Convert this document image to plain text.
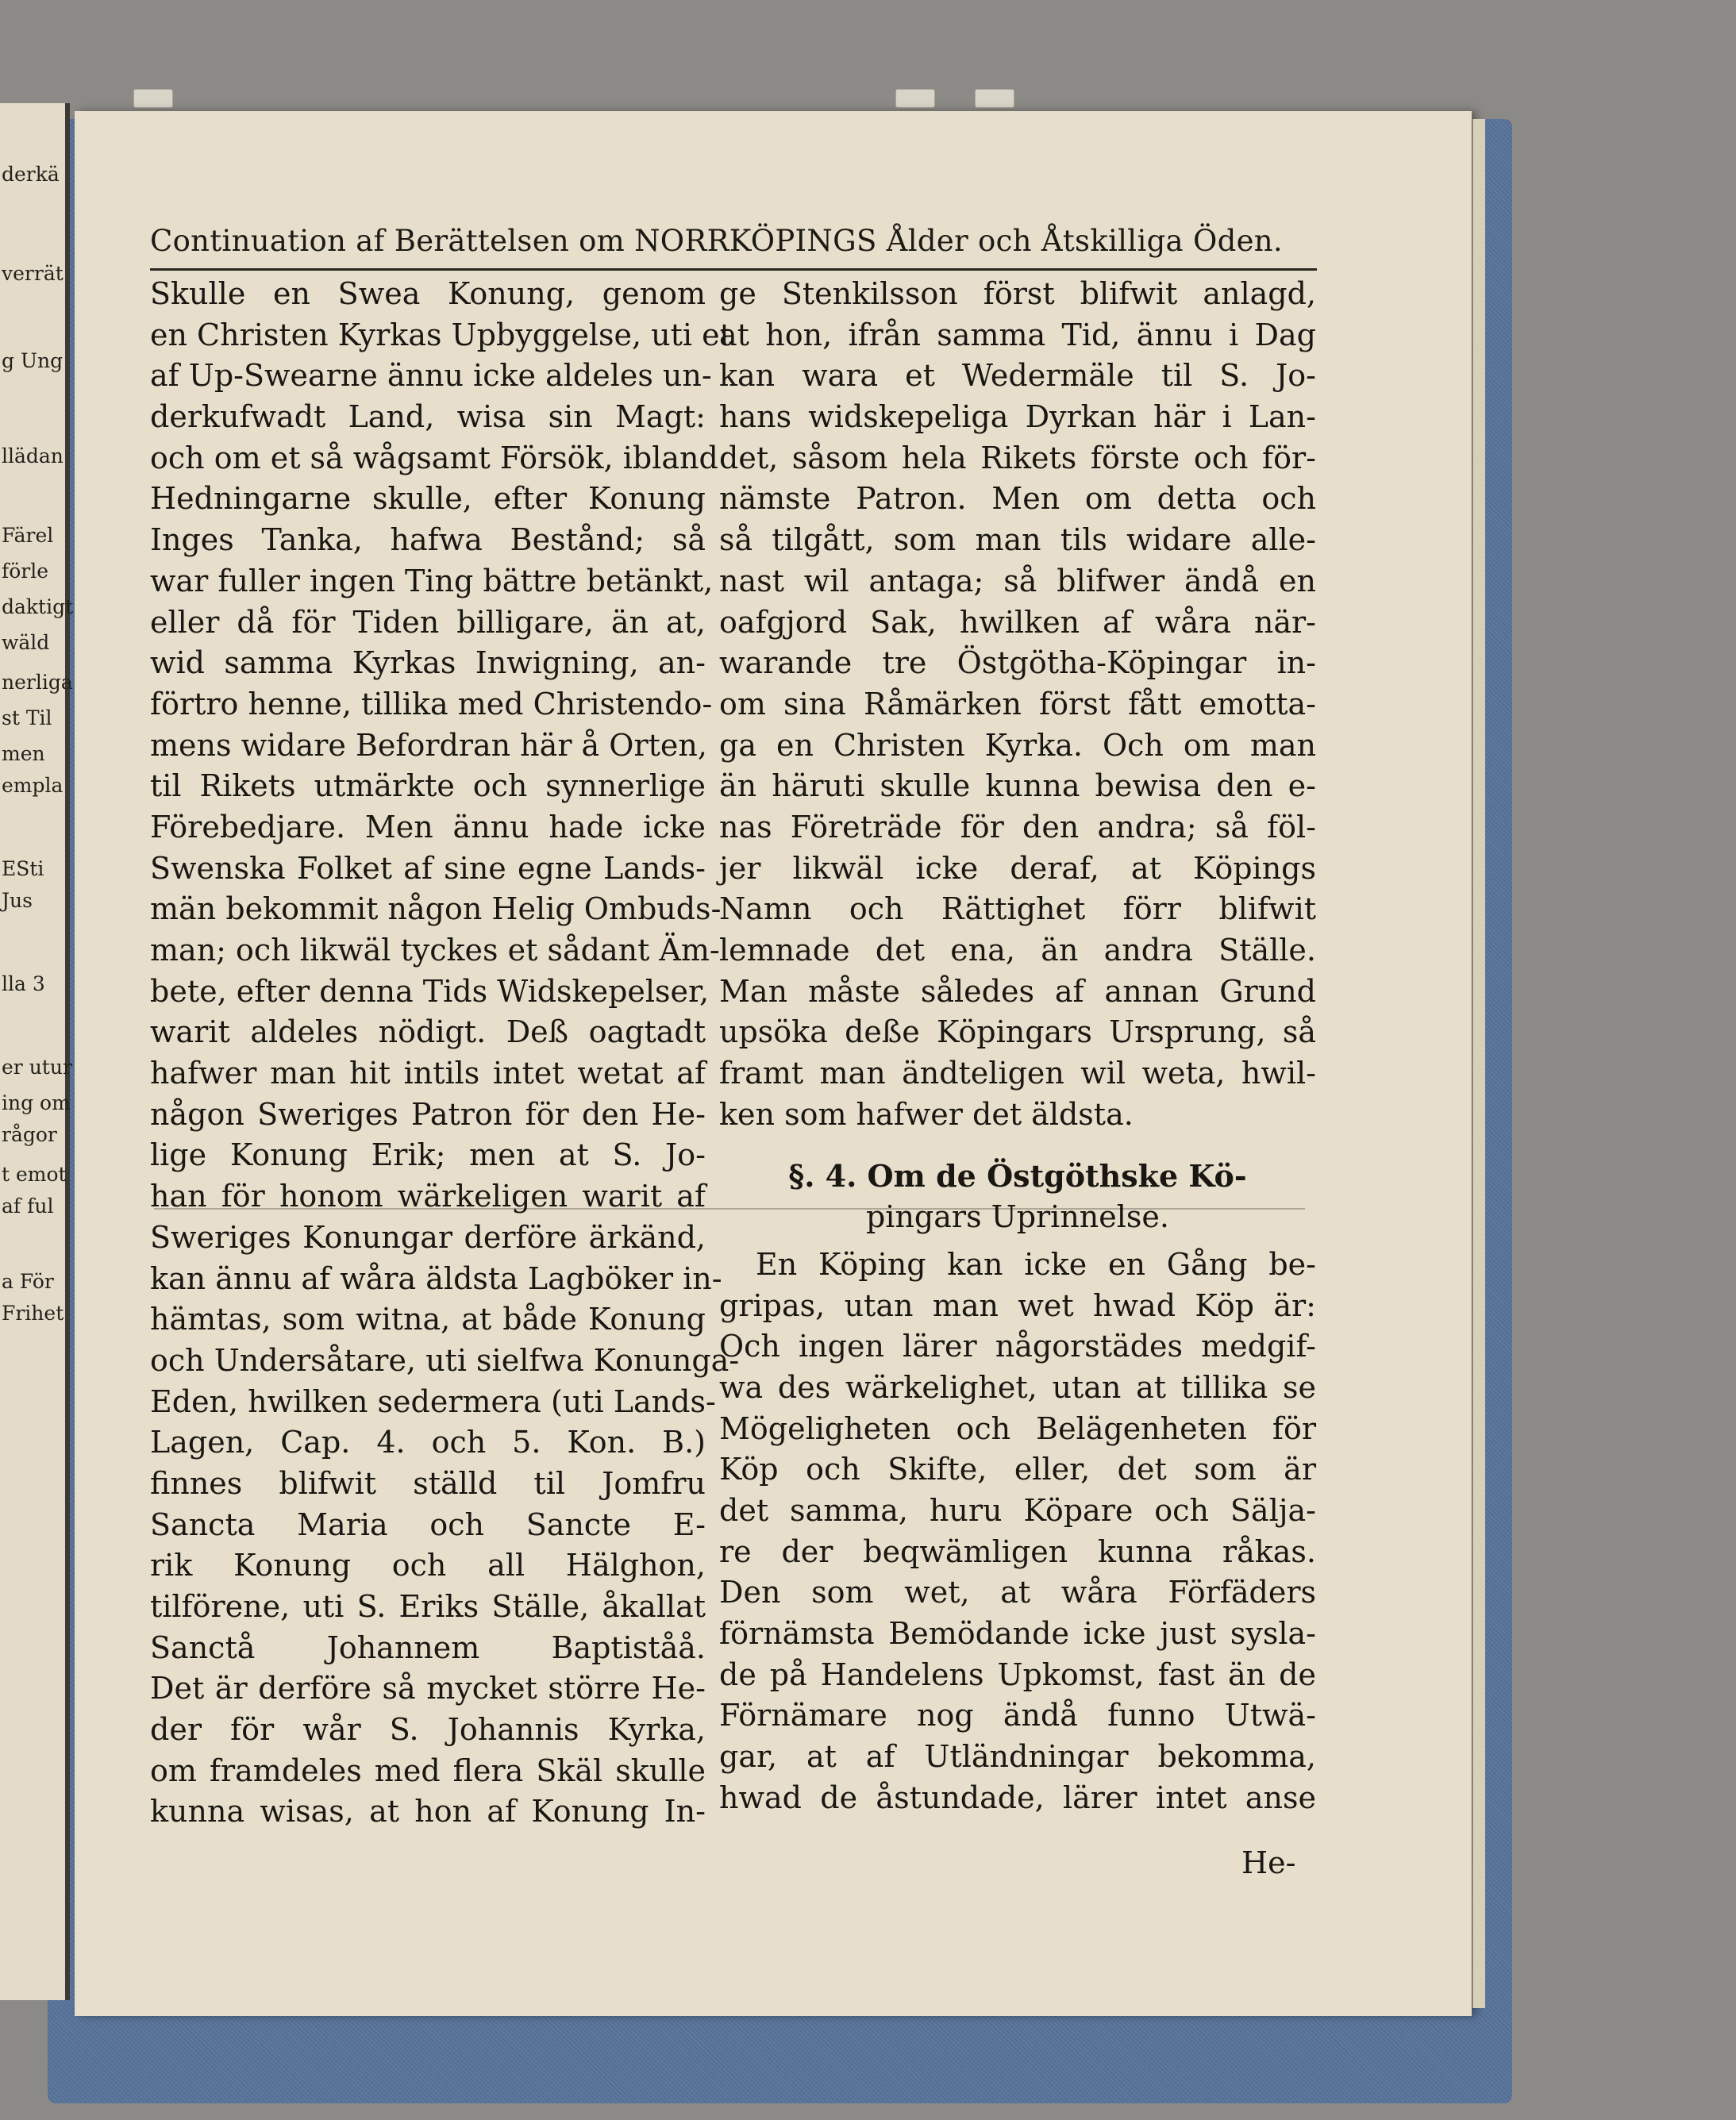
derkä
verrät
g Ung
llädan
Färel
förle
daktigt
wäld
nerliga
st Til
men
empla
ESti
Jus
lla 3
er utur
ing om
rågor
t emot
af ful
a För
Frihet
Continuation af Berättelsen om NORRKÖPINGS Ålder och Åtskilliga Öden.
Skulle en Swea Konung, genom
en Christen Kyrkas Upbyggelse, uti et
af Up-Swearne ännu icke aldeles un-
derkufwadt Land, wisa sin Magt:
och om et så wågsamt Försök, ibland
Hedningarne skulle, efter Konung
Inges Tanka, hafwa Bestånd; så
war fuller ingen Ting bättre betänkt,
eller då för Tiden billigare, än at,
wid samma Kyrkas Inwigning, an-
förtro henne, tillika med Christendo-
mens widare Befordran här å Orten,
til Rikets utmärkte och synnerlige
Förebedjare. Men ännu hade icke
Swenska Folket af sine egne Lands-
män bekommit någon Helig Ombuds-
man; och likwäl tyckes et sådant Äm-
bete, efter denna Tids Widskepelser,
warit aldeles nödigt. Deß oagtadt
hafwer man hit intils intet wetat af
någon Sweriges Patron för den He-
lige Konung Erik; men at S. Jo-
han för honom wärkeligen warit af
Sweriges Konungar derföre ärkänd,
kan ännu af wåra äldsta Lagböker in-
hämtas, som witna, at både Konung
och Undersåtare, uti sielfwa Konunga-
Eden, hwilken sedermera (uti Lands-
Lagen, Cap. 4. och 5. Kon. B.)
finnes blifwit ställd til Jomfru
Sancta Maria och Sancte E-
rik Konung och all Hälghon,
tilförene, uti S. Eriks Ställe, åkallat
Sanctå Johannem Baptiståå.
Det är derföre så mycket större He-
der för wår S. Johannis Kyrka,
om framdeles med flera Skäl skulle
kunna wisas, at hon af Konung In-
ge Stenkilsson först blifwit anlagd,
at hon, ifrån samma Tid, ännu i Dag
kan wara et Wedermäle til S. Jo-
hans widskepeliga Dyrkan här i Lan-
det, såsom hela Rikets förste och för-
nämste Patron. Men om detta och
så tilgått, som man tils widare alle-
nast wil antaga; så blifwer ändå en
oafgjord Sak, hwilken af wåra när-
warande tre Östgötha-Köpingar in-
om sina Råmärken först fått emotta-
ga en Christen Kyrka. Och om man
än häruti skulle kunna bewisa den e-
nas Företräde för den andra; så föl-
jer likwäl icke deraf, at Köpings
Namn och Rättighet förr blifwit
lemnade det ena, än andra Ställe.
Man måste således af annan Grund
upsöka deße Köpingars Ursprung, så
framt man ändteligen wil weta, hwil-
ken som hafwer det äldsta.
§. 4. Om de Östgöthske Kö-
pingars Uprinnelse.
En Köping kan icke en Gång be-
gripas, utan man wet hwad Köp är:
Och ingen lärer någorstädes medgif-
wa des wärkelighet, utan at tillika se
Mögeligheten och Belägenheten för
Köp och Skifte, eller, det som är
det samma, huru Köpare och Sälja-
re der beqwämligen kunna råkas.
Den som wet, at wåra Förfäders
förnämsta Bemödande icke just sysla-
de på Handelens Upkomst, fast än de
Förnämare nog ändå funno Utwä-
gar, at af Utländningar bekomma,
hwad de åstundade, lärer intet anse
He-
